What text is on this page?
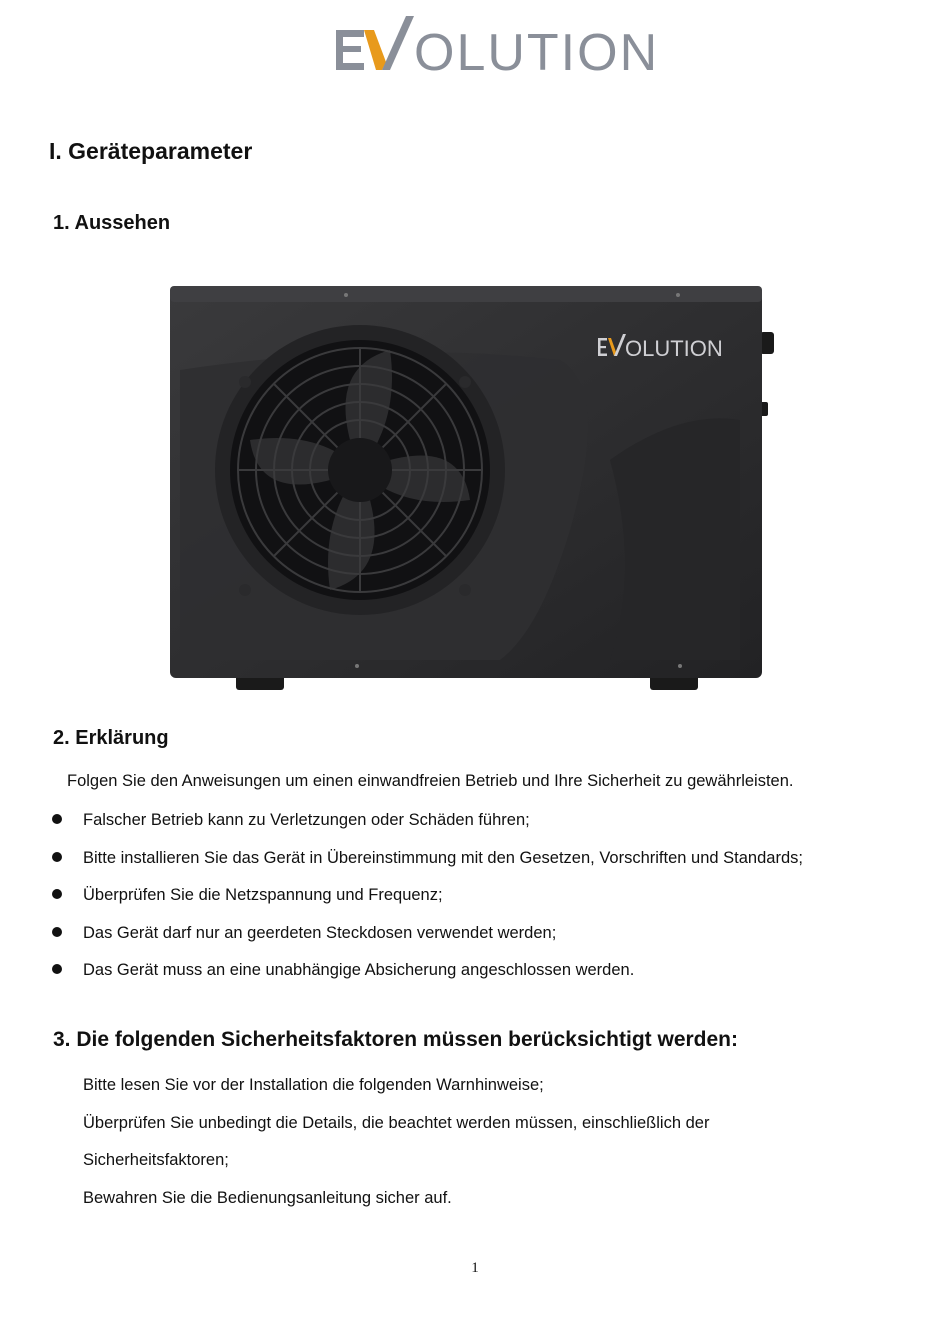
OLUTION
I. Geräteparameter
1. Aussehen
OLUTION
2. Erklärung

Folgen Sie den Anweisungen um einen einwandfreien Betrieb und Ihre Sicherheit zu gewährleisten.

Falscher Betrieb kann zu Verletzungen oder Schäden führen;
Bitte installieren Sie das Gerät in Übereinstimmung mit den Gesetzen, Vorschriften und Standards;
Überprüfen Sie die Netzspannung und Frequenz;
Das Gerät darf nur an geerdeten Steckdosen verwendet werden;
Das Gerät muss an eine unabhängige Absicherung angeschlossen werden.
3. Die folgenden Sicherheitsfaktoren müssen berücksichtigt werden:

Bitte lesen Sie vor der Installation die folgenden Warnhinweise;

Überprüfen Sie unbedingt die Details, die beachtet werden müssen, einschließlich der

Sicherheitsfaktoren;

Bewahren Sie die Bedienungsanleitung sicher auf.

1
